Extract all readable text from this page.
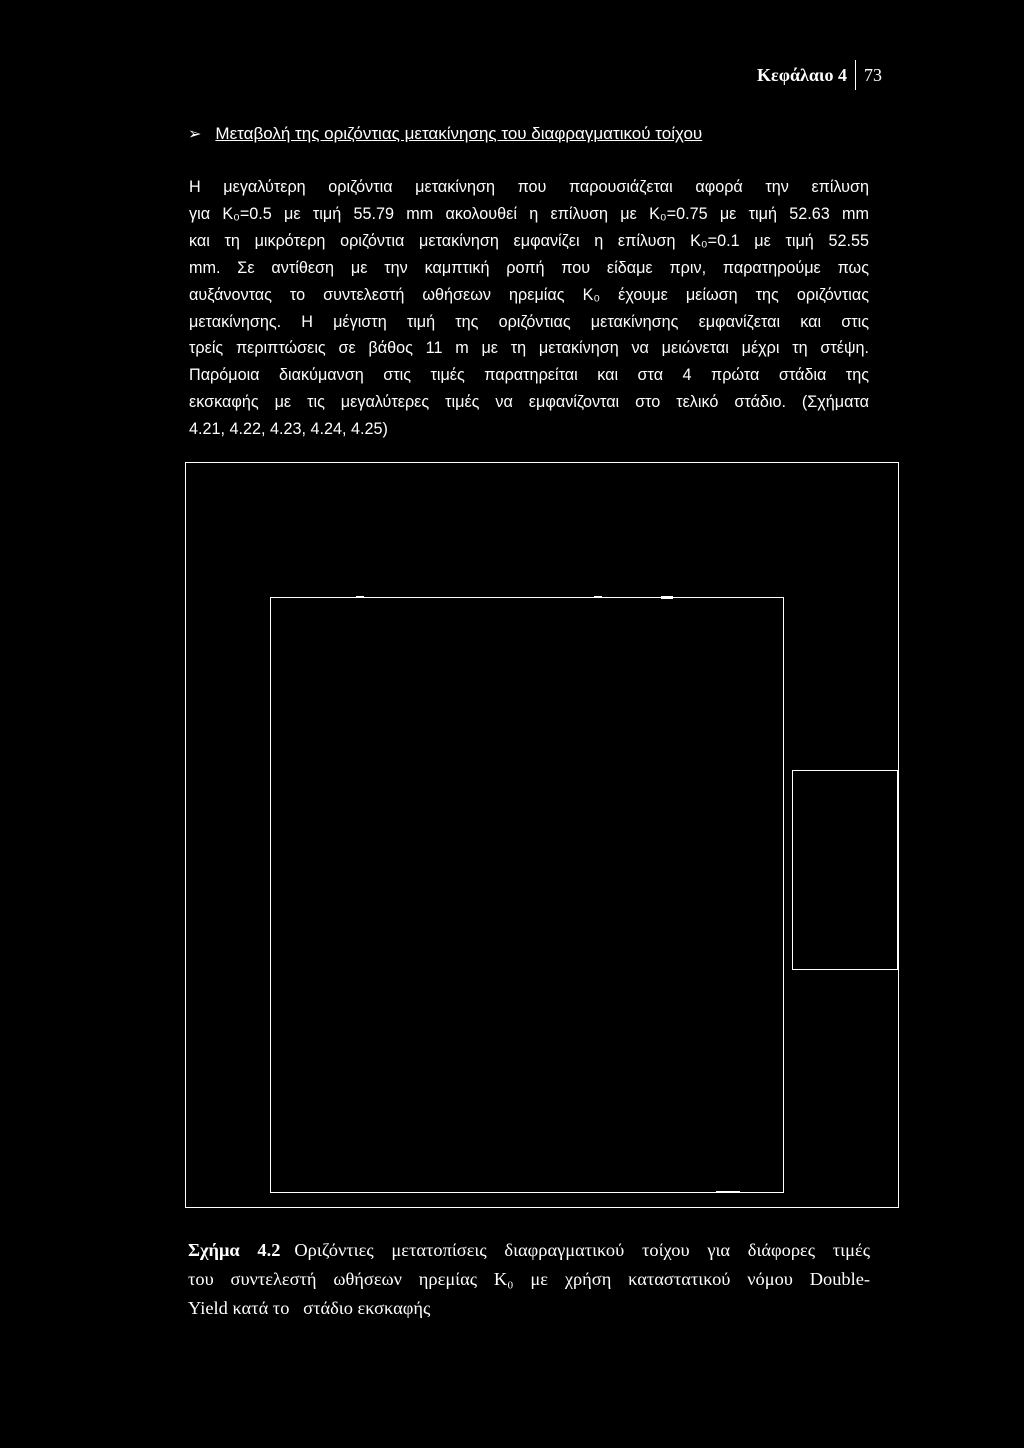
Κεφάλαιο 4 73
➢ Μεταβολή της οριζόντιας μετακίνησης του διαφραγματικού τοίχου
Η μεγαλύτερη οριζόντια μετακίνηση που παρουσιάζεται αφορά την επίλυση
για K₀=0.5 με τιμή 55.79 mm ακολουθεί η επίλυση με K₀=0.75 με τιμή 52.63 mm
και τη μικρότερη οριζόντια μετακίνηση εμφανίζει η επίλυση K₀=0.1 με τιμή 52.55
mm. Σε αντίθεση με την καμπτική ροπή που είδαμε πριν, παρατηρούμε πως
αυξάνοντας το συντελεστή ωθήσεων ηρεμίας K₀ έχουμε μείωση της οριζόντιας
μετακίνησης. Η μέγιστη τιμή της οριζόντιας μετακίνησης εμφανίζεται και στις
τρείς περιπτώσεις σε βάθος 11 m με τη μετακίνηση να μειώνεται μέχρι τη στέψη.
Παρόμοια διακύμανση στις τιμές παρατηρείται και στα 4 πρώτα στάδια της
εκσκαφής με τις μεγαλύτερες τιμές να εμφανίζονται στο τελικό στάδιο. (Σχήματα
4.21, 4.22, 4.23, 4.24, 4.25)
Σχήμα 4.2 Οριζόντιες μετατοπίσεις διαφραγματικού τοίχου για διάφορες τιμές
του συντελεστή ωθήσεων ηρεμίας K₀ με χρήση καταστατικού νόμου Double-
Yield κατά το   στάδιο εκσκαφής
